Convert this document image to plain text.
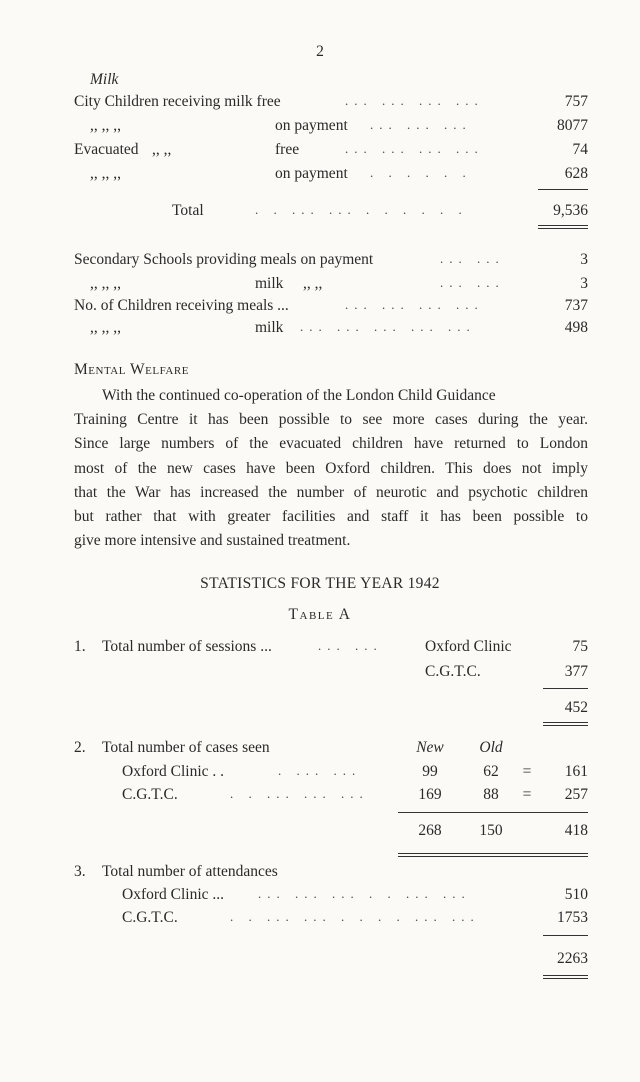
2
Milk
City Children receiving milk free	... ... ... ...	757
,, ,, ,,	on payment ... ... ...	8077
Evacuated ,, ,,	free	... ... ... ...	74
,, ,, ,,	on payment . . . . . .	628
Total	. . ... ... . . . . . .	9,536
Secondary Schools providing meals on payment	... ...	3
,, ,, ,,	milk ,, ,,	... ...	3
No. of Children receiving meals ...	... ... ... ...	737
,, ,, ,,	milk ... ... ... ... ...	498
Mental Welfare

With the continued co-operation of the London Child Guidance

Training Centre it has been possible to see more cases during the year.
Since large numbers of the evacuated children have returned to London
most of the new cases have been Oxford children. This does not imply
that the War has increased the number of neurotic and psychotic children
but rather that with greater facilities and staff it has been possible to
give more intensive and sustained treatment.
STATISTICS FOR THE YEAR 1942
Table A
1. Total number of sessions ...	... ...	Oxford Clinic	75
C.G.T.C.	377
452
2. Total number of cases seen	New	Old
Oxford Clinic . .	. ... ...	99	62	=	161
C.G.T.C.	. . ... ... ...	169	88	=	257
268	150	418
3. Total number of attendances
Oxford Clinic ...	... ... ... . . ... ...	510
C.G.T.C.	. . ... ... . . . . ... ...	1753
2263
